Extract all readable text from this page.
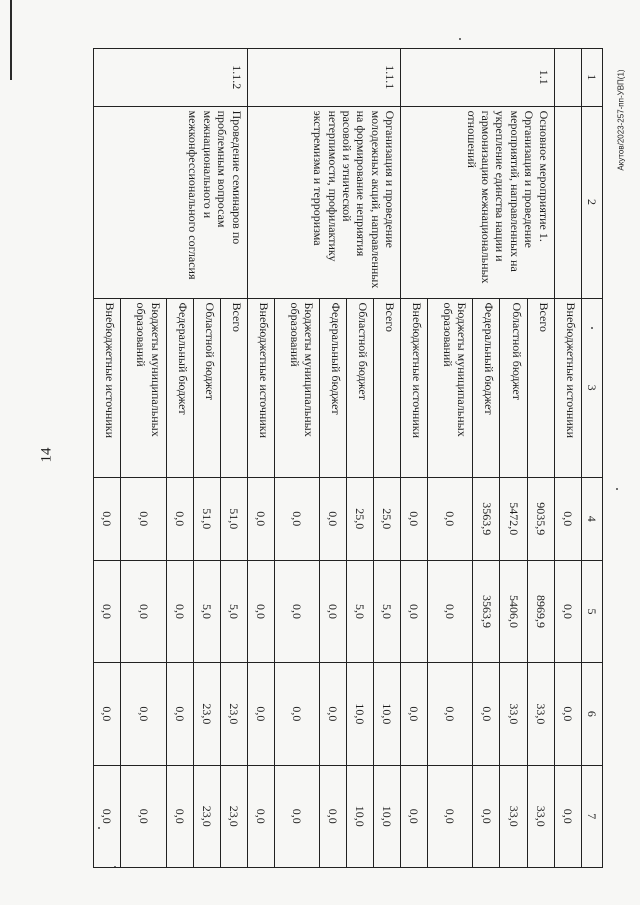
14
Акутов/2023-257-пп-УВП(1)
1	2	3	4	5	6	7
		Внебюджетные источники	0,0	0,0	0,0	0,0
1.1	Основное мероприятие 1. Организация и проведение мероприятий, направленных на укрепление единства нации и гармонизацию межнациональных отношений	Всего	9035,9	8969,9	33,0	33,0
		Областной бюджет	5472,0	5406,0	33,0	33,0
		Федеральный бюджет	3563,9	3563,9	0,0	0,0
		Бюджеты муниципальных образований	0,0	0,0	0,0	0,0
		Внебюджетные источники	0,0	0,0	0,0	0,0
1.1.1	Организация и проведение молодежных акций, направленных на формирование неприятия расовой и этнической нетерпимости, профилактику экстремизма и терроризма	Всего	25,0	5,0	10,0	10,0
		Областной бюджет	25,0	5,0	10,0	10,0
		Федеральный бюджет	0,0	0,0	0,0	0,0
		Бюджеты муниципальных образований	0,0	0,0	0,0	0,0
		Внебюджетные источники	0,0	0,0	0,0	0,0
1.1.2	Проведение семинаров по проблемным вопросам межнационального и межконфессионального согласия	Всего	51,0	5,0	23,0	23,0
		Областной бюджет	51,0	5,0	23,0	23,0
		Федеральный бюджет	0,0	0,0	0,0	0,0
		Бюджеты муниципальных образований	0,0	0,0	0,0	0,0
		Внебюджетные источники	0,0	0,0	0,0	0,0
